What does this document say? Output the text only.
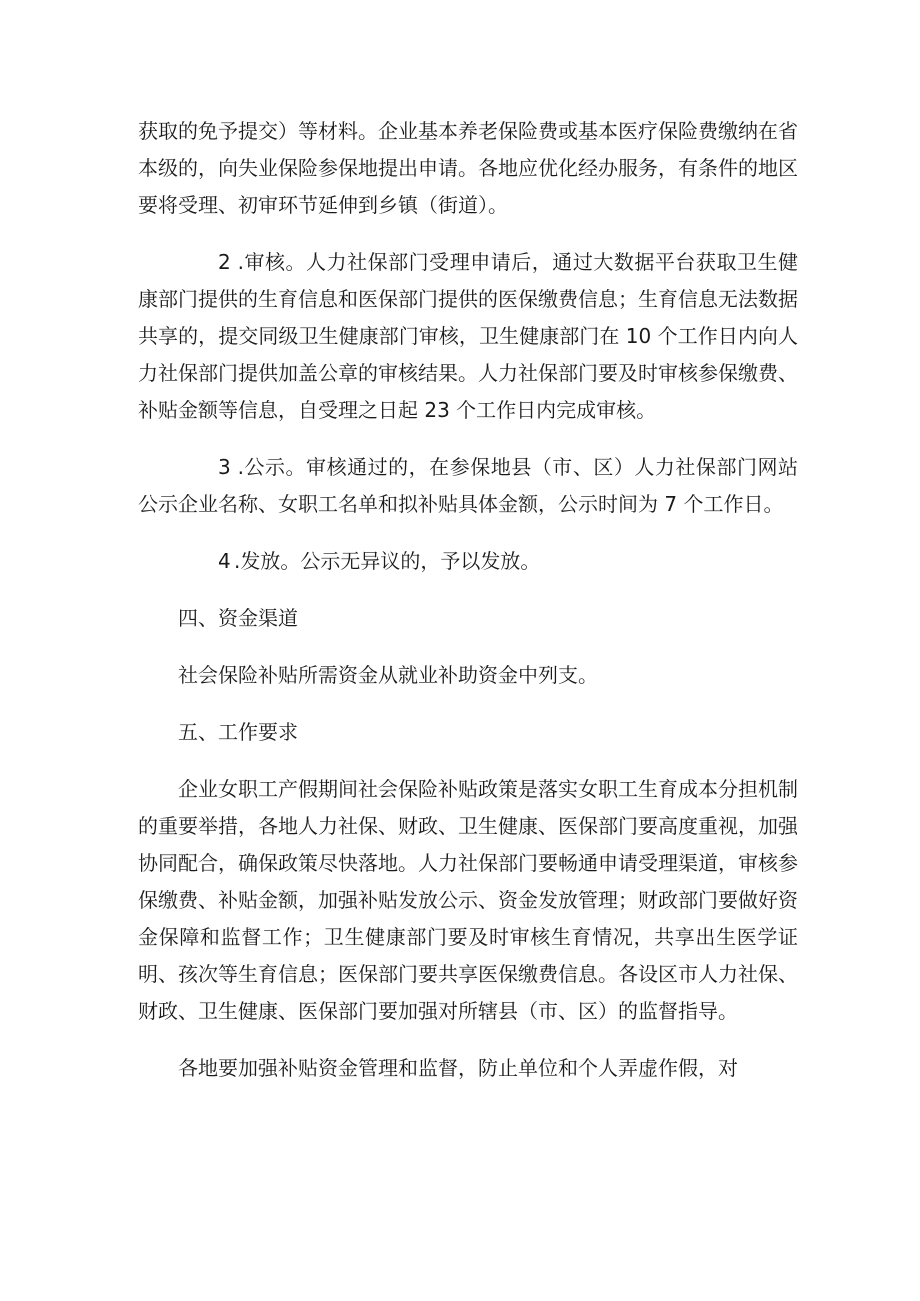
获取的免予提交）等材料。企业基本养老保险费或基本医疗保险费缴纳在省本级的，向失业保险参保地提出申请。各地应优化经办服务，有条件的地区要将受理、初审环节延伸到乡镇（街道）。

2 .审核。人力社保部门受理申请后，通过大数据平台获取卫生健康部门提供的生育信息和医保部门提供的医保缴费信息；生育信息无法数据共享的，提交同级卫生健康部门审核，卫生健康部门在 10 个工作日内向人力社保部门提供加盖公章的审核结果。人力社保部门要及时审核参保缴费、补贴金额等信息，自受理之日起 23 个工作日内完成审核。

3 .公示。审核通过的，在参保地县（市、区）人力社保部门网站公示企业名称、女职工名单和拟补贴具体金额，公示时间为 7 个工作日。

4 .发放。公示无异议的，予以发放。

四、资金渠道

社会保险补贴所需资金从就业补助资金中列支。

五、工作要求

企业女职工产假期间社会保险补贴政策是落实女职工生育成本分担机制的重要举措，各地人力社保、财政、卫生健康、医保部门要高度重视，加强协同配合，确保政策尽快落地。人力社保部门要畅通申请受理渠道，审核参保缴费、补贴金额，加强补贴发放公示、资金发放管理；财政部门要做好资金保障和监督工作；卫生健康部门要及时审核生育情况，共享出生医学证明、孩次等生育信息；医保部门要共享医保缴费信息。各设区市人力社保、财政、卫生健康、医保部门要加强对所辖县（市、区）的监督指导。

各地要加强补贴资金管理和监督，防止单位和个人弄虚作假，对
